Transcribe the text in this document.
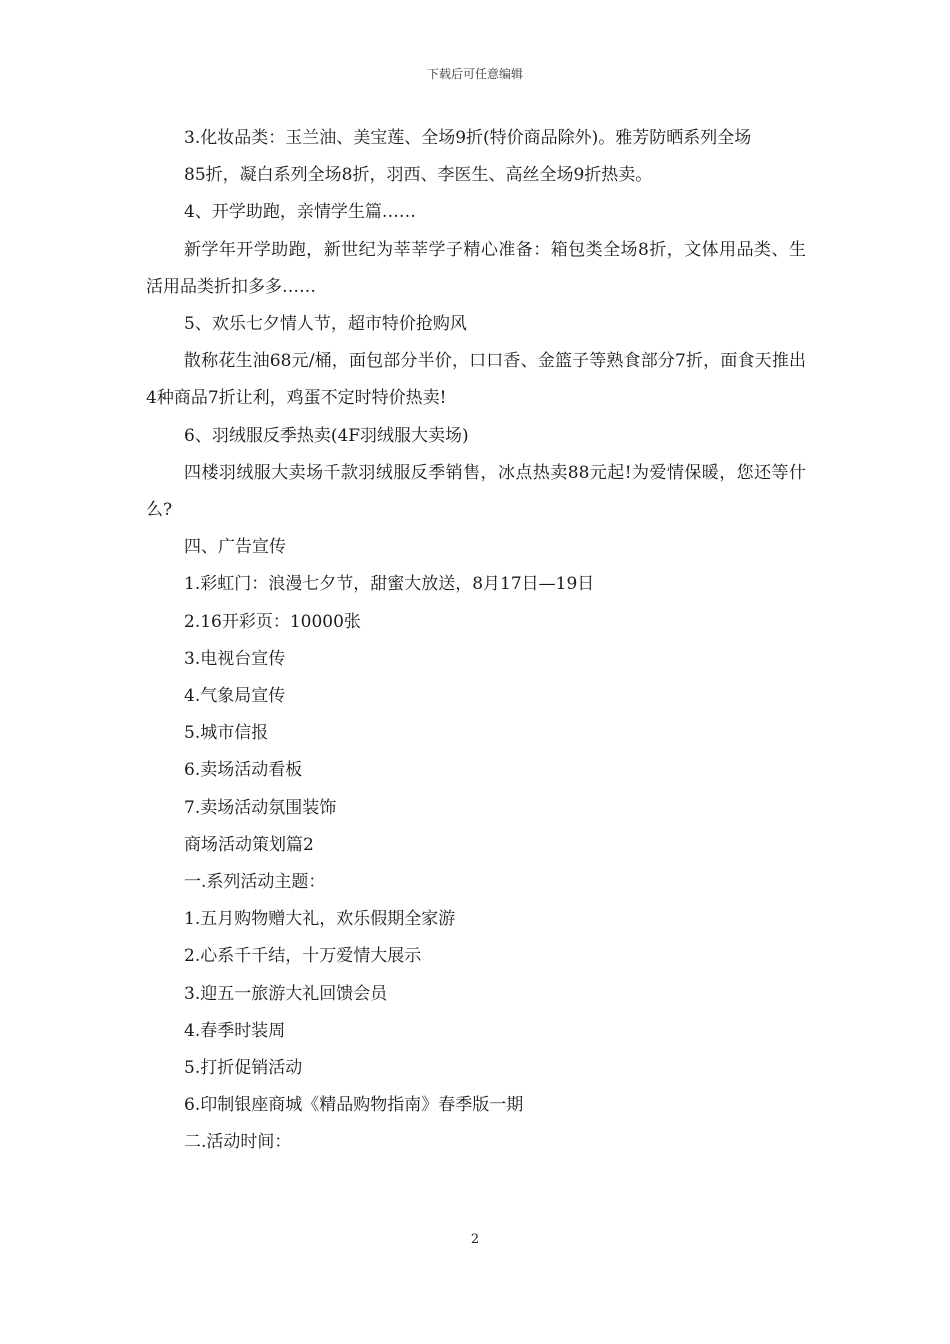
下载后可任意编辑

3.化妆品类：玉兰油、美宝莲、全场9折(特价商品除外)。雅芳防晒系列全场

85折，凝白系列全场8折，羽西、李医生、高丝全场9折热卖。

4、开学助跑，亲情学生篇……

新学年开学助跑，新世纪为莘莘学子精心准备：箱包类全场8折，文体用品类、生活用品类折扣多多……

5、欢乐七夕情人节，超市特价抢购风

散称花生油68元/桶，面包部分半价，口口香、金篮子等熟食部分7折，面食天推出4种商品7折让利，鸡蛋不定时特价热卖!

6、羽绒服反季热卖(4F羽绒服大卖场)

四楼羽绒服大卖场千款羽绒服反季销售，冰点热卖88元起!为爱情保暖，您还等什么?

四、广告宣传

1.彩虹门：浪漫七夕节，甜蜜大放送，8月17日—19日

2.16开彩页：10000张

3.电视台宣传

4.气象局宣传

5.城市信报

6.卖场活动看板

7.卖场活动氛围装饰

商场活动策划篇2

一.系列活动主题：

1.五月购物赠大礼，欢乐假期全家游

2.心系千千结，十万爱情大展示

3.迎五一旅游大礼回馈会员

4.春季时装周

5.打折促销活动

6.印制银座商城《精品购物指南》春季版一期

二.活动时间：

2
